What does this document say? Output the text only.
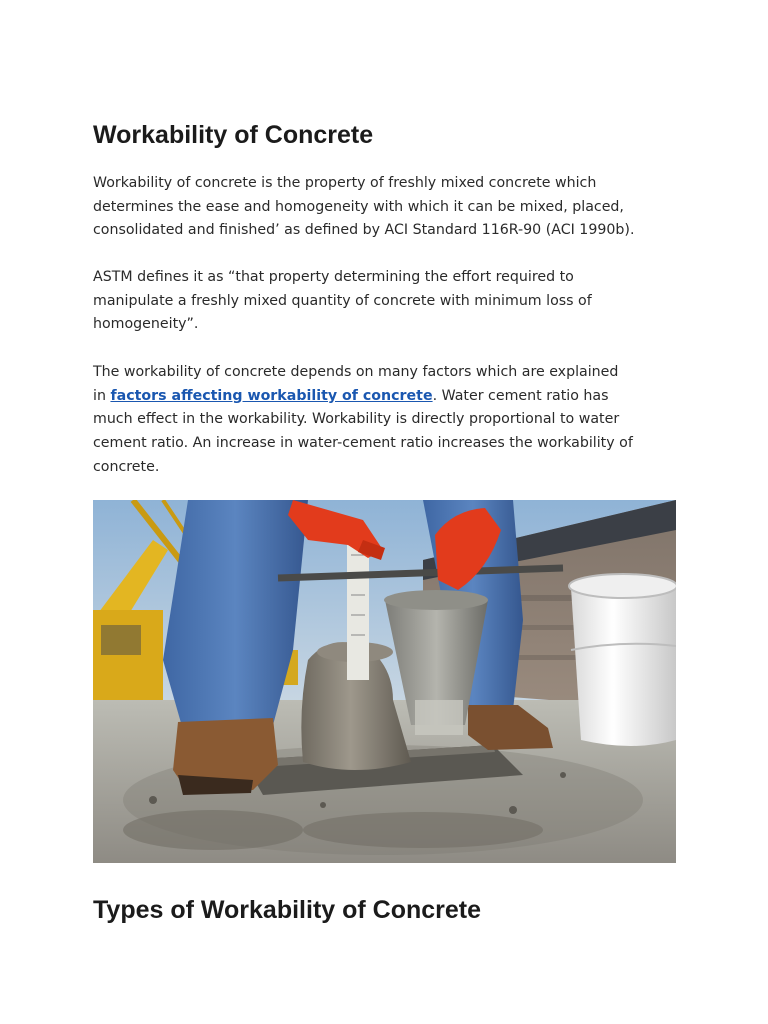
Workability of Concrete

Workability of concrete is the property of freshly mixed concrete which
determines the ease and homogeneity with which it can be mixed, placed,
consolidated and finished’ as defined by ACI Standard 116R-90 (ACI 1990b).

ASTM defines it as “that property determining the effort required to
manipulate a freshly mixed quantity of concrete with minimum loss of
homogeneity”.

The workability of concrete depends on many factors which are explained
in factors affecting workability of concrete. Water cement ratio has
much effect in the workability. Workability is directly proportional to water
cement ratio. An increase in water-cement ratio increases the workability of
concrete.

Types of Workability of Concrete
